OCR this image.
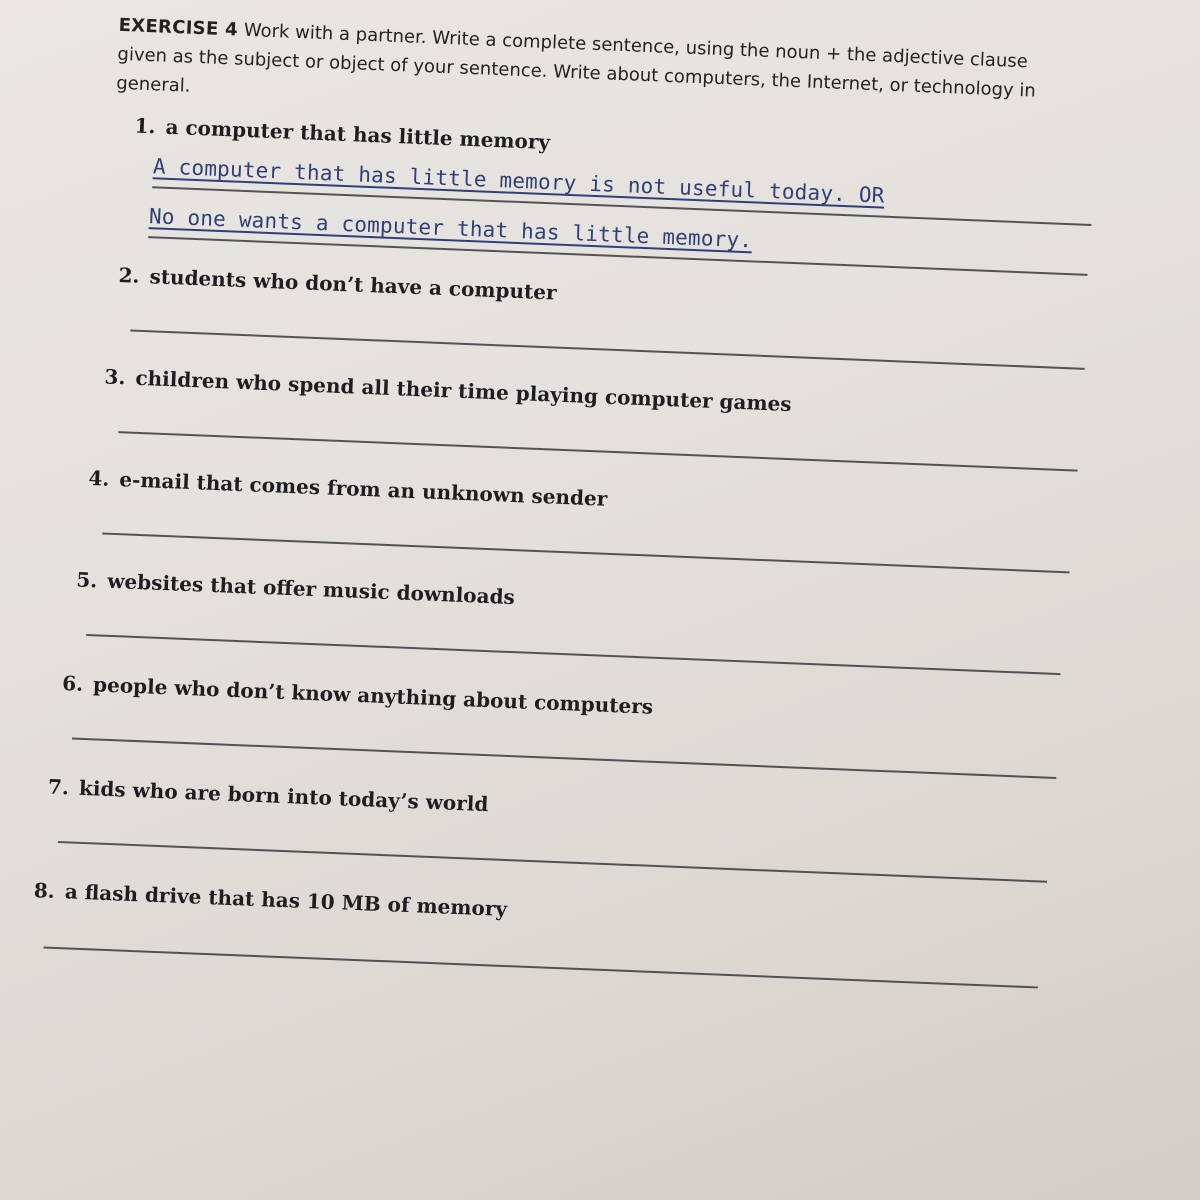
EXERCISE 4 Work with a partner. Write a complete sentence, using the noun + the adjective clause given as the subject or object of your sentence. Write about computers, the Internet, or technology in general.
1. a computer that has little memory
A computer that has little memory is not useful today. OR
No one wants a computer that has little memory.
2. students who don’t have a computer
3. children who spend all their time playing computer games
4. e-mail that comes from an unknown sender
5. websites that offer music downloads
6. people who don’t know anything about computers
7. kids who are born into today’s world
8. a flash drive that has 10 MB of memory
